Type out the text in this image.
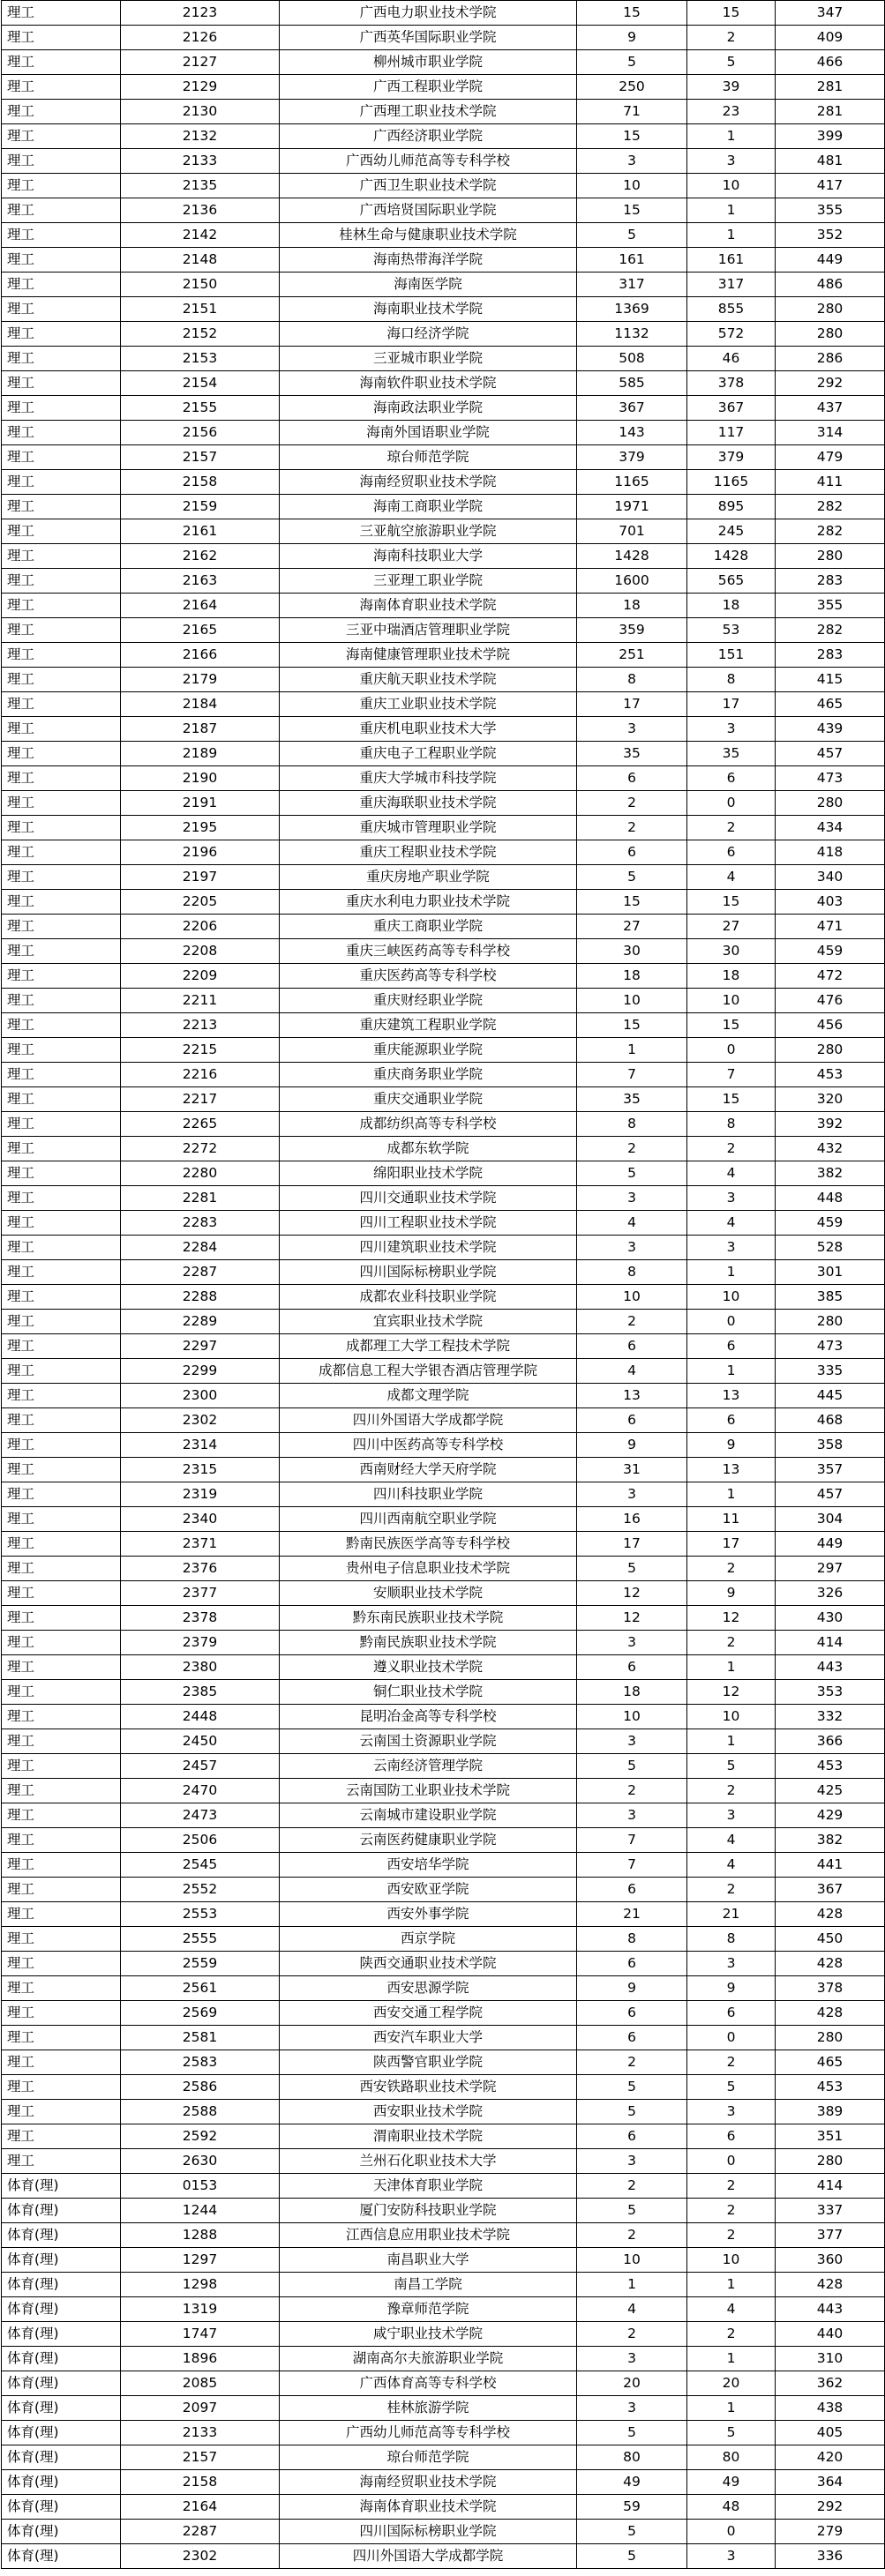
理工	2123	广西电力职业技术学院	15	15	347
理工	2126	广西英华国际职业学院	9	2	409
理工	2127	柳州城市职业学院	5	5	466
理工	2129	广西工程职业学院	250	39	281
理工	2130	广西理工职业技术学院	71	23	281
理工	2132	广西经济职业学院	15	1	399
理工	2133	广西幼儿师范高等专科学校	3	3	481
理工	2135	广西卫生职业技术学院	10	10	417
理工	2136	广西培贤国际职业学院	15	1	355
理工	2142	桂林生命与健康职业技术学院	5	1	352
理工	2148	海南热带海洋学院	161	161	449
理工	2150	海南医学院	317	317	486
理工	2151	海南职业技术学院	1369	855	280
理工	2152	海口经济学院	1132	572	280
理工	2153	三亚城市职业学院	508	46	286
理工	2154	海南软件职业技术学院	585	378	292
理工	2155	海南政法职业学院	367	367	437
理工	2156	海南外国语职业学院	143	117	314
理工	2157	琼台师范学院	379	379	479
理工	2158	海南经贸职业技术学院	1165	1165	411
理工	2159	海南工商职业学院	1971	895	282
理工	2161	三亚航空旅游职业学院	701	245	282
理工	2162	海南科技职业大学	1428	1428	280
理工	2163	三亚理工职业学院	1600	565	283
理工	2164	海南体育职业技术学院	18	18	355
理工	2165	三亚中瑞酒店管理职业学院	359	53	282
理工	2166	海南健康管理职业技术学院	251	151	283
理工	2179	重庆航天职业技术学院	8	8	415
理工	2184	重庆工业职业技术学院	17	17	465
理工	2187	重庆机电职业技术大学	3	3	439
理工	2189	重庆电子工程职业学院	35	35	457
理工	2190	重庆大学城市科技学院	6	6	473
理工	2191	重庆海联职业技术学院	2	0	280
理工	2195	重庆城市管理职业学院	2	2	434
理工	2196	重庆工程职业技术学院	6	6	418
理工	2197	重庆房地产职业学院	5	4	340
理工	2205	重庆水利电力职业技术学院	15	15	403
理工	2206	重庆工商职业学院	27	27	471
理工	2208	重庆三峡医药高等专科学校	30	30	459
理工	2209	重庆医药高等专科学校	18	18	472
理工	2211	重庆财经职业学院	10	10	476
理工	2213	重庆建筑工程职业学院	15	15	456
理工	2215	重庆能源职业学院	1	0	280
理工	2216	重庆商务职业学院	7	7	453
理工	2217	重庆交通职业学院	35	15	320
理工	2265	成都纺织高等专科学校	8	8	392
理工	2272	成都东软学院	2	2	432
理工	2280	绵阳职业技术学院	5	4	382
理工	2281	四川交通职业技术学院	3	3	448
理工	2283	四川工程职业技术学院	4	4	459
理工	2284	四川建筑职业技术学院	3	3	528
理工	2287	四川国际标榜职业学院	8	1	301
理工	2288	成都农业科技职业学院	10	10	385
理工	2289	宜宾职业技术学院	2	0	280
理工	2297	成都理工大学工程技术学院	6	6	473
理工	2299	成都信息工程大学银杏酒店管理学院	4	1	335
理工	2300	成都文理学院	13	13	445
理工	2302	四川外国语大学成都学院	6	6	468
理工	2314	四川中医药高等专科学校	9	9	358
理工	2315	西南财经大学天府学院	31	13	357
理工	2319	四川科技职业学院	3	1	457
理工	2340	四川西南航空职业学院	16	11	304
理工	2371	黔南民族医学高等专科学校	17	17	449
理工	2376	贵州电子信息职业技术学院	5	2	297
理工	2377	安顺职业技术学院	12	9	326
理工	2378	黔东南民族职业技术学院	12	12	430
理工	2379	黔南民族职业技术学院	3	2	414
理工	2380	遵义职业技术学院	6	1	443
理工	2385	铜仁职业技术学院	18	12	353
理工	2448	昆明冶金高等专科学校	10	10	332
理工	2450	云南国土资源职业学院	3	1	366
理工	2457	云南经济管理学院	5	5	453
理工	2470	云南国防工业职业技术学院	2	2	425
理工	2473	云南城市建设职业学院	3	3	429
理工	2506	云南医药健康职业学院	7	4	382
理工	2545	西安培华学院	7	4	441
理工	2552	西安欧亚学院	6	2	367
理工	2553	西安外事学院	21	21	428
理工	2555	西京学院	8	8	450
理工	2559	陕西交通职业技术学院	6	3	428
理工	2561	西安思源学院	9	9	378
理工	2569	西安交通工程学院	6	6	428
理工	2581	西安汽车职业大学	6	0	280
理工	2583	陕西警官职业学院	2	2	465
理工	2586	西安铁路职业技术学院	5	5	453
理工	2588	西安职业技术学院	5	3	389
理工	2592	渭南职业技术学院	6	6	351
理工	2630	兰州石化职业技术大学	3	0	280
体育(理)	0153	天津体育职业学院	2	2	414
体育(理)	1244	厦门安防科技职业学院	5	2	337
体育(理)	1288	江西信息应用职业技术学院	2	2	377
体育(理)	1297	南昌职业大学	10	10	360
体育(理)	1298	南昌工学院	1	1	428
体育(理)	1319	豫章师范学院	4	4	443
体育(理)	1747	咸宁职业技术学院	2	2	440
体育(理)	1896	湖南高尔夫旅游职业学院	3	1	310
体育(理)	2085	广西体育高等专科学校	20	20	362
体育(理)	2097	桂林旅游学院	3	1	438
体育(理)	2133	广西幼儿师范高等专科学校	5	5	405
体育(理)	2157	琼台师范学院	80	80	420
体育(理)	2158	海南经贸职业技术学院	49	49	364
体育(理)	2164	海南体育职业技术学院	59	48	292
体育(理)	2287	四川国际标榜职业学院	5	0	279
体育(理)	2302	四川外国语大学成都学院	5	3	336
